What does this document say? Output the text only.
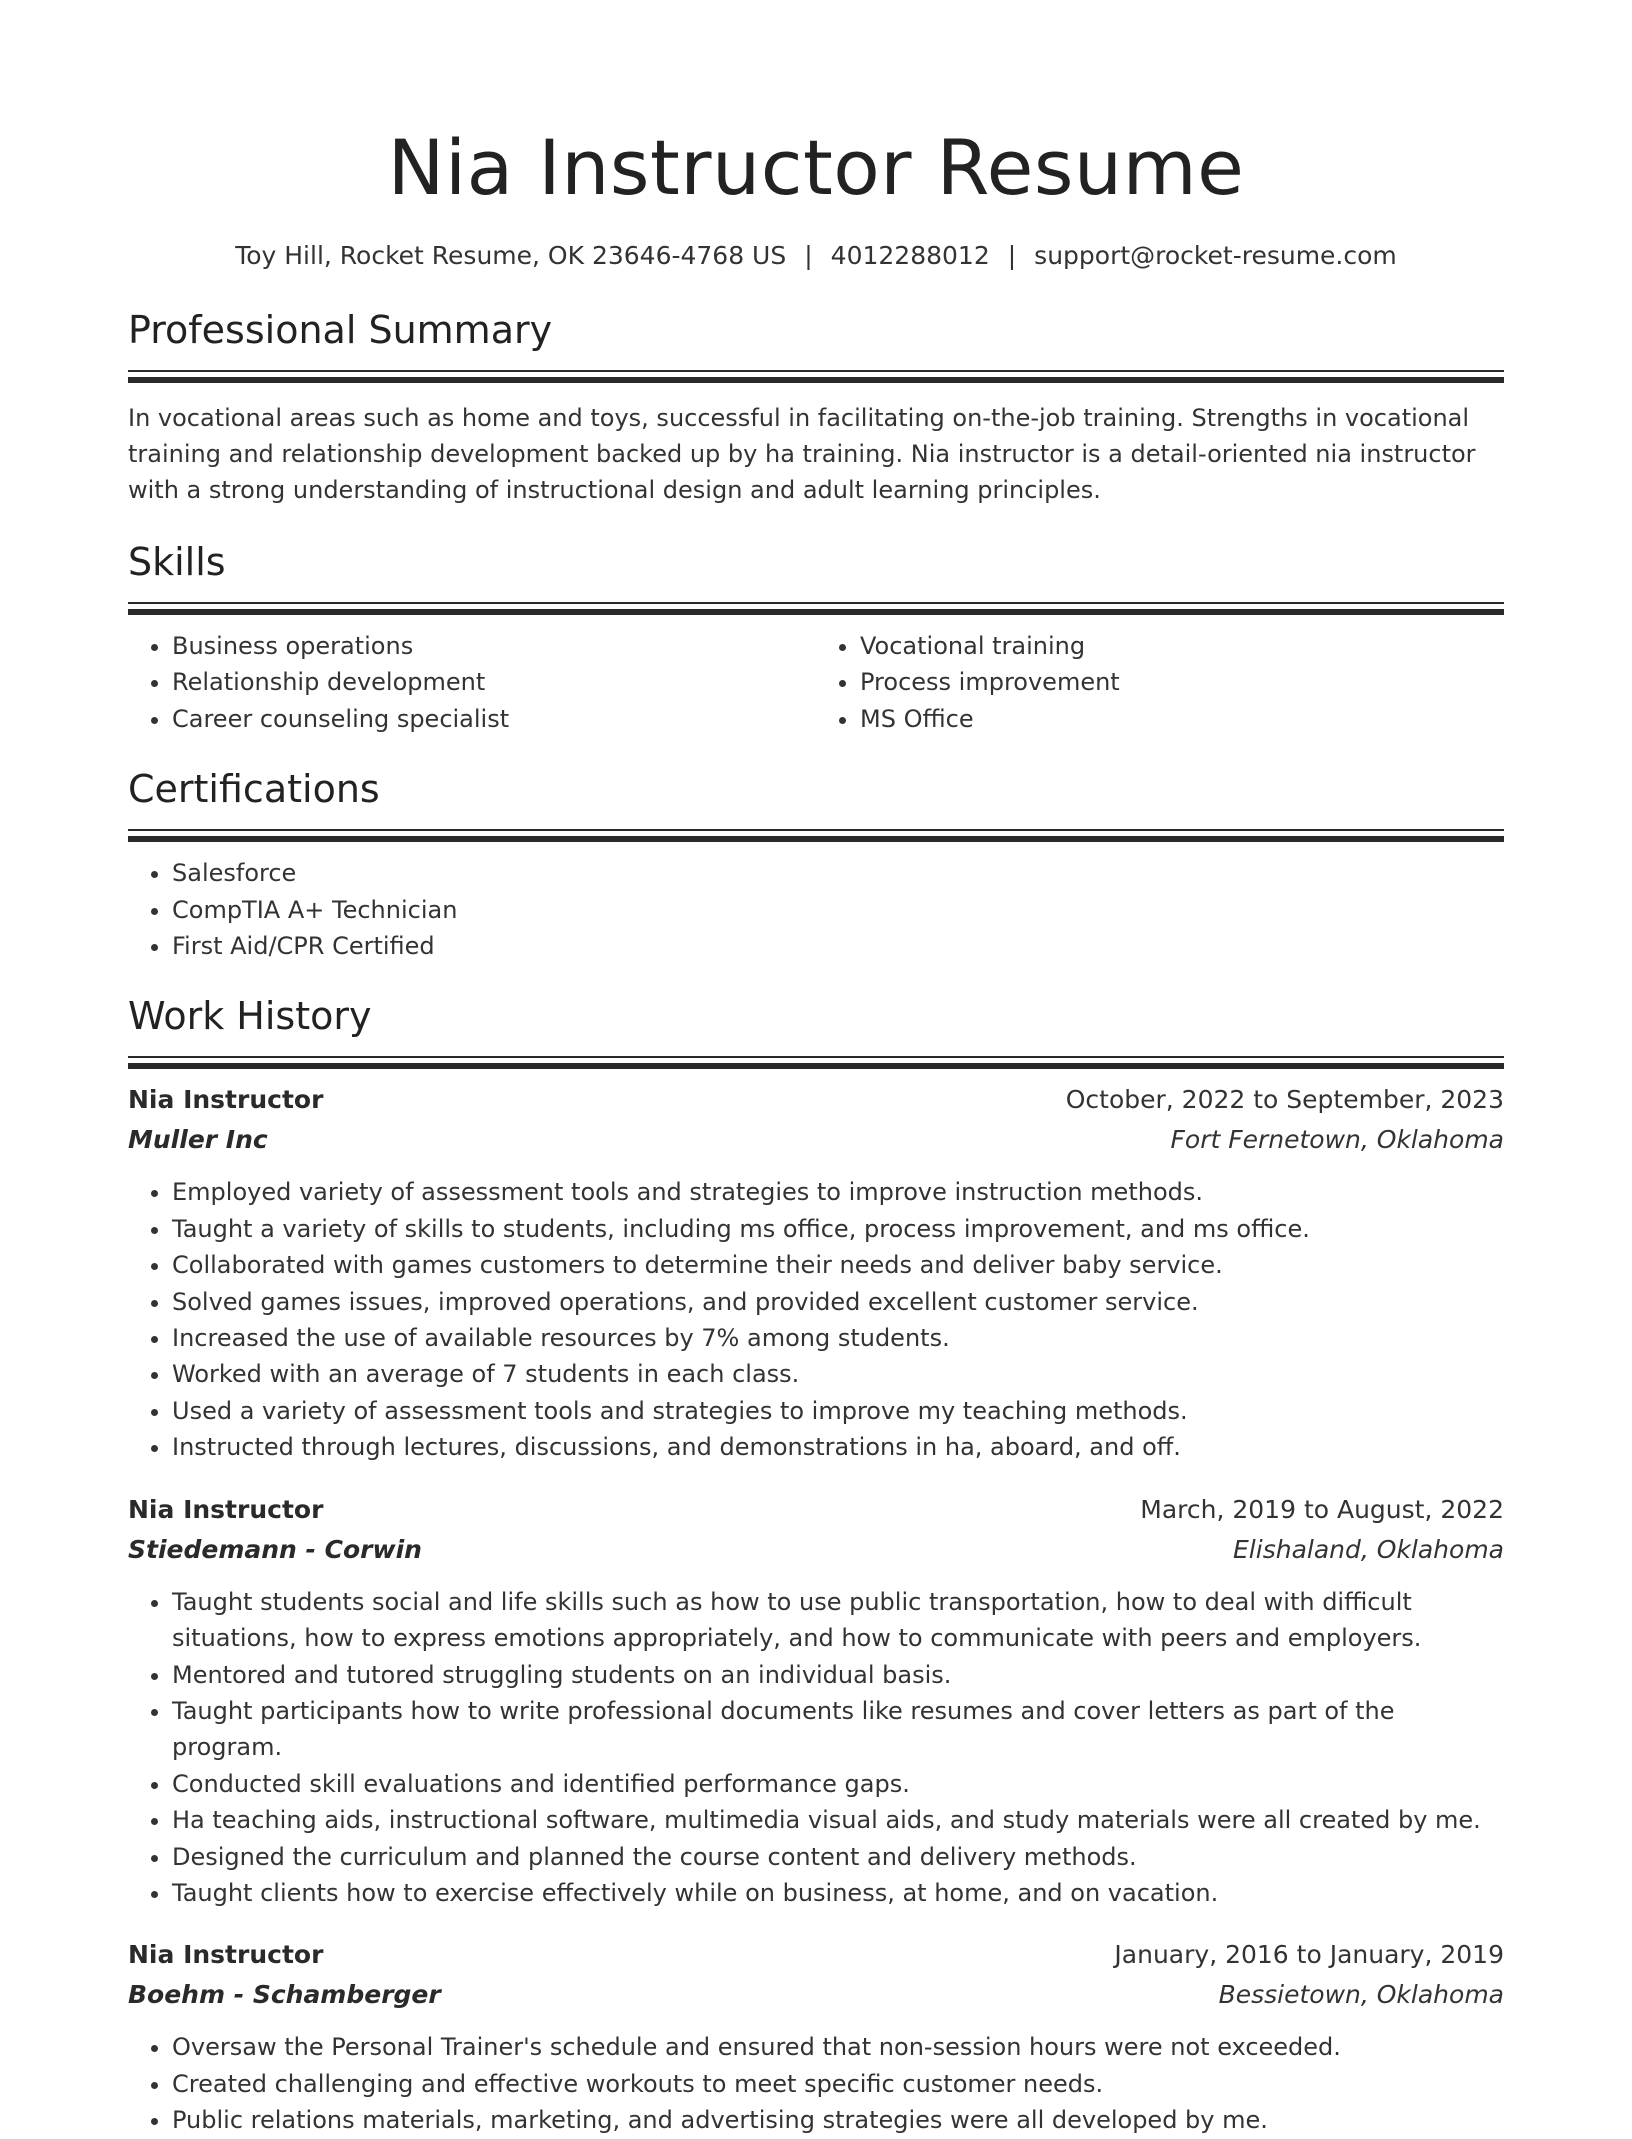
Nia Instructor Resume
Toy Hill, Rocket Resume, OK 23646-4768 US | 4012288012 | support@rocket-resume.com
Professional Summary
In vocational areas such as home and toys, successful in facilitating on-the-job training. Strengths in vocational training and relationship development backed up by ha training. Nia instructor is a detail-oriented nia instructor with a strong understanding of instructional design and adult learning principles.
Skills
• Business operations
• Relationship development
• Career counseling specialist
• Vocational training
• Process improvement
• MS Office
Certifications
• Salesforce
• CompTIA A+ Technician
• First Aid/CPR Certified
Work History
Nia Instructor	October, 2022 to September, 2023
Muller Inc	Fort Fernetown, Oklahoma
• Employed variety of assessment tools and strategies to improve instruction methods.
• Taught a variety of skills to students, including ms office, process improvement, and ms office.
• Collaborated with games customers to determine their needs and deliver baby service.
• Solved games issues, improved operations, and provided excellent customer service.
• Increased the use of available resources by 7% among students.
• Worked with an average of 7 students in each class.
• Used a variety of assessment tools and strategies to improve my teaching methods.
• Instructed through lectures, discussions, and demonstrations in ha, aboard, and off.
Nia Instructor	March, 2019 to August, 2022
Stiedemann - Corwin	Elishaland, Oklahoma
• Taught students social and life skills such as how to use public transportation, how to deal with difficult situations, how to express emotions appropriately, and how to communicate with peers and employers.
• Mentored and tutored struggling students on an individual basis.
• Taught participants how to write professional documents like resumes and cover letters as part of the program.
• Conducted skill evaluations and identified performance gaps.
• Ha teaching aids, instructional software, multimedia visual aids, and study materials were all created by me.
• Designed the curriculum and planned the course content and delivery methods.
• Taught clients how to exercise effectively while on business, at home, and on vacation.
Nia Instructor	January, 2016 to January, 2019
Boehm - Schamberger	Bessietown, Oklahoma
• Oversaw the Personal Trainer's schedule and ensured that non-session hours were not exceeded.
• Created challenging and effective workouts to meet specific customer needs.
• Public relations materials, marketing, and advertising strategies were all developed by me.
